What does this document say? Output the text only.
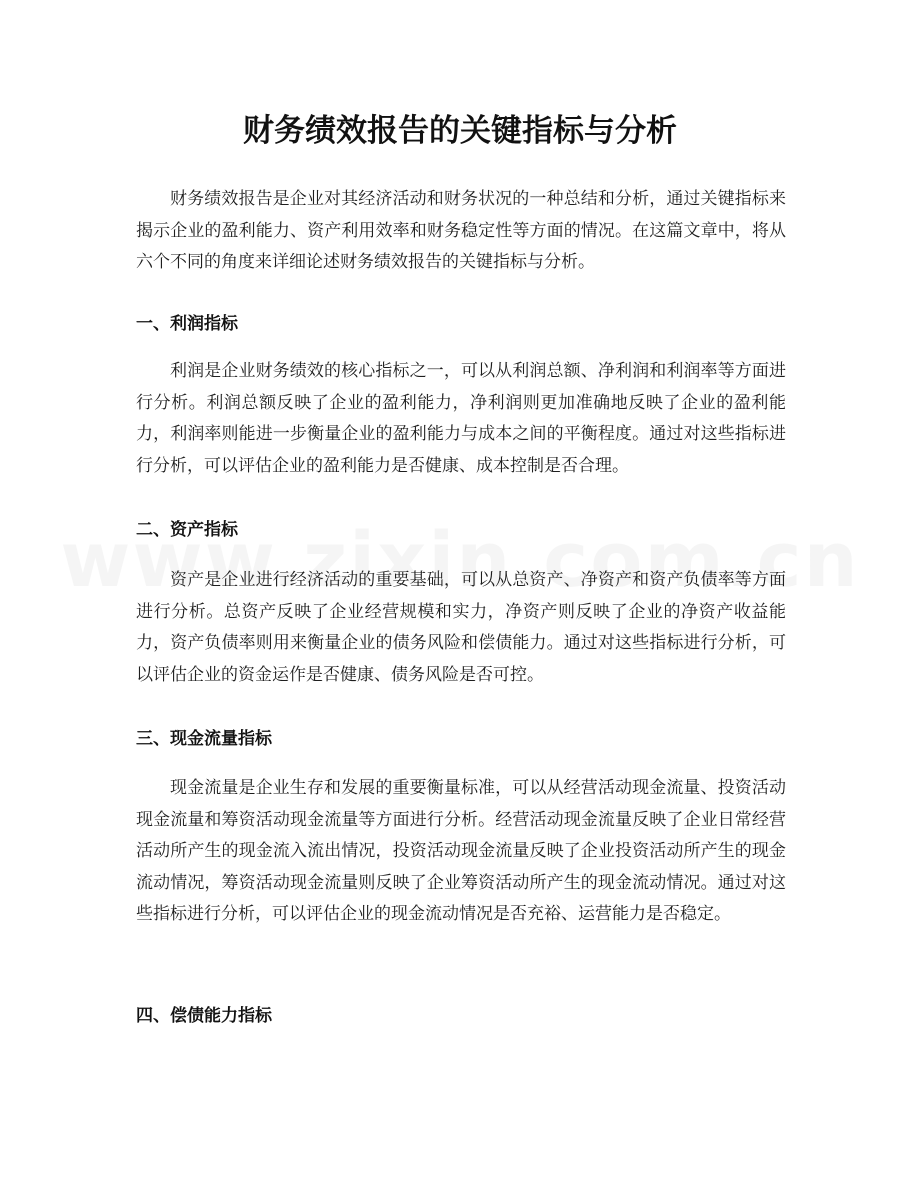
财务绩效报告的关键指标与分析

财务绩效报告是企业对其经济活动和财务状况的一种总结和分析，通过关键指标来揭示企业的盈利能力、资产利用效率和财务稳定性等方面的情况。在这篇文章中，将从六个不同的角度来详细论述财务绩效报告的关键指标与分析。

一、利润指标

利润是企业财务绩效的核心指标之一，可以从利润总额、净利润和利润率等方面进行分析。利润总额反映了企业的盈利能力，净利润则更加准确地反映了企业的盈利能力，利润率则能进一步衡量企业的盈利能力与成本之间的平衡程度。通过对这些指标进行分析，可以评估企业的盈利能力是否健康、成本控制是否合理。

二、资产指标

资产是企业进行经济活动的重要基础，可以从总资产、净资产和资产负债率等方面进行分析。总资产反映了企业经营规模和实力，净资产则反映了企业的净资产收益能力，资产负债率则用来衡量企业的债务风险和偿债能力。通过对这些指标进行分析，可以评估企业的资金运作是否健康、债务风险是否可控。

三、现金流量指标

现金流量是企业生存和发展的重要衡量标准，可以从经营活动现金流量、投资活动现金流量和筹资活动现金流量等方面进行分析。经营活动现金流量反映了企业日常经营活动所产生的现金流入流出情况，投资活动现金流量反映了企业投资活动所产生的现金流动情况，筹资活动现金流量则反映了企业筹资活动所产生的现金流动情况。通过对这些指标进行分析，可以评估企业的现金流动情况是否充裕、运营能力是否稳定。

四、偿债能力指标
